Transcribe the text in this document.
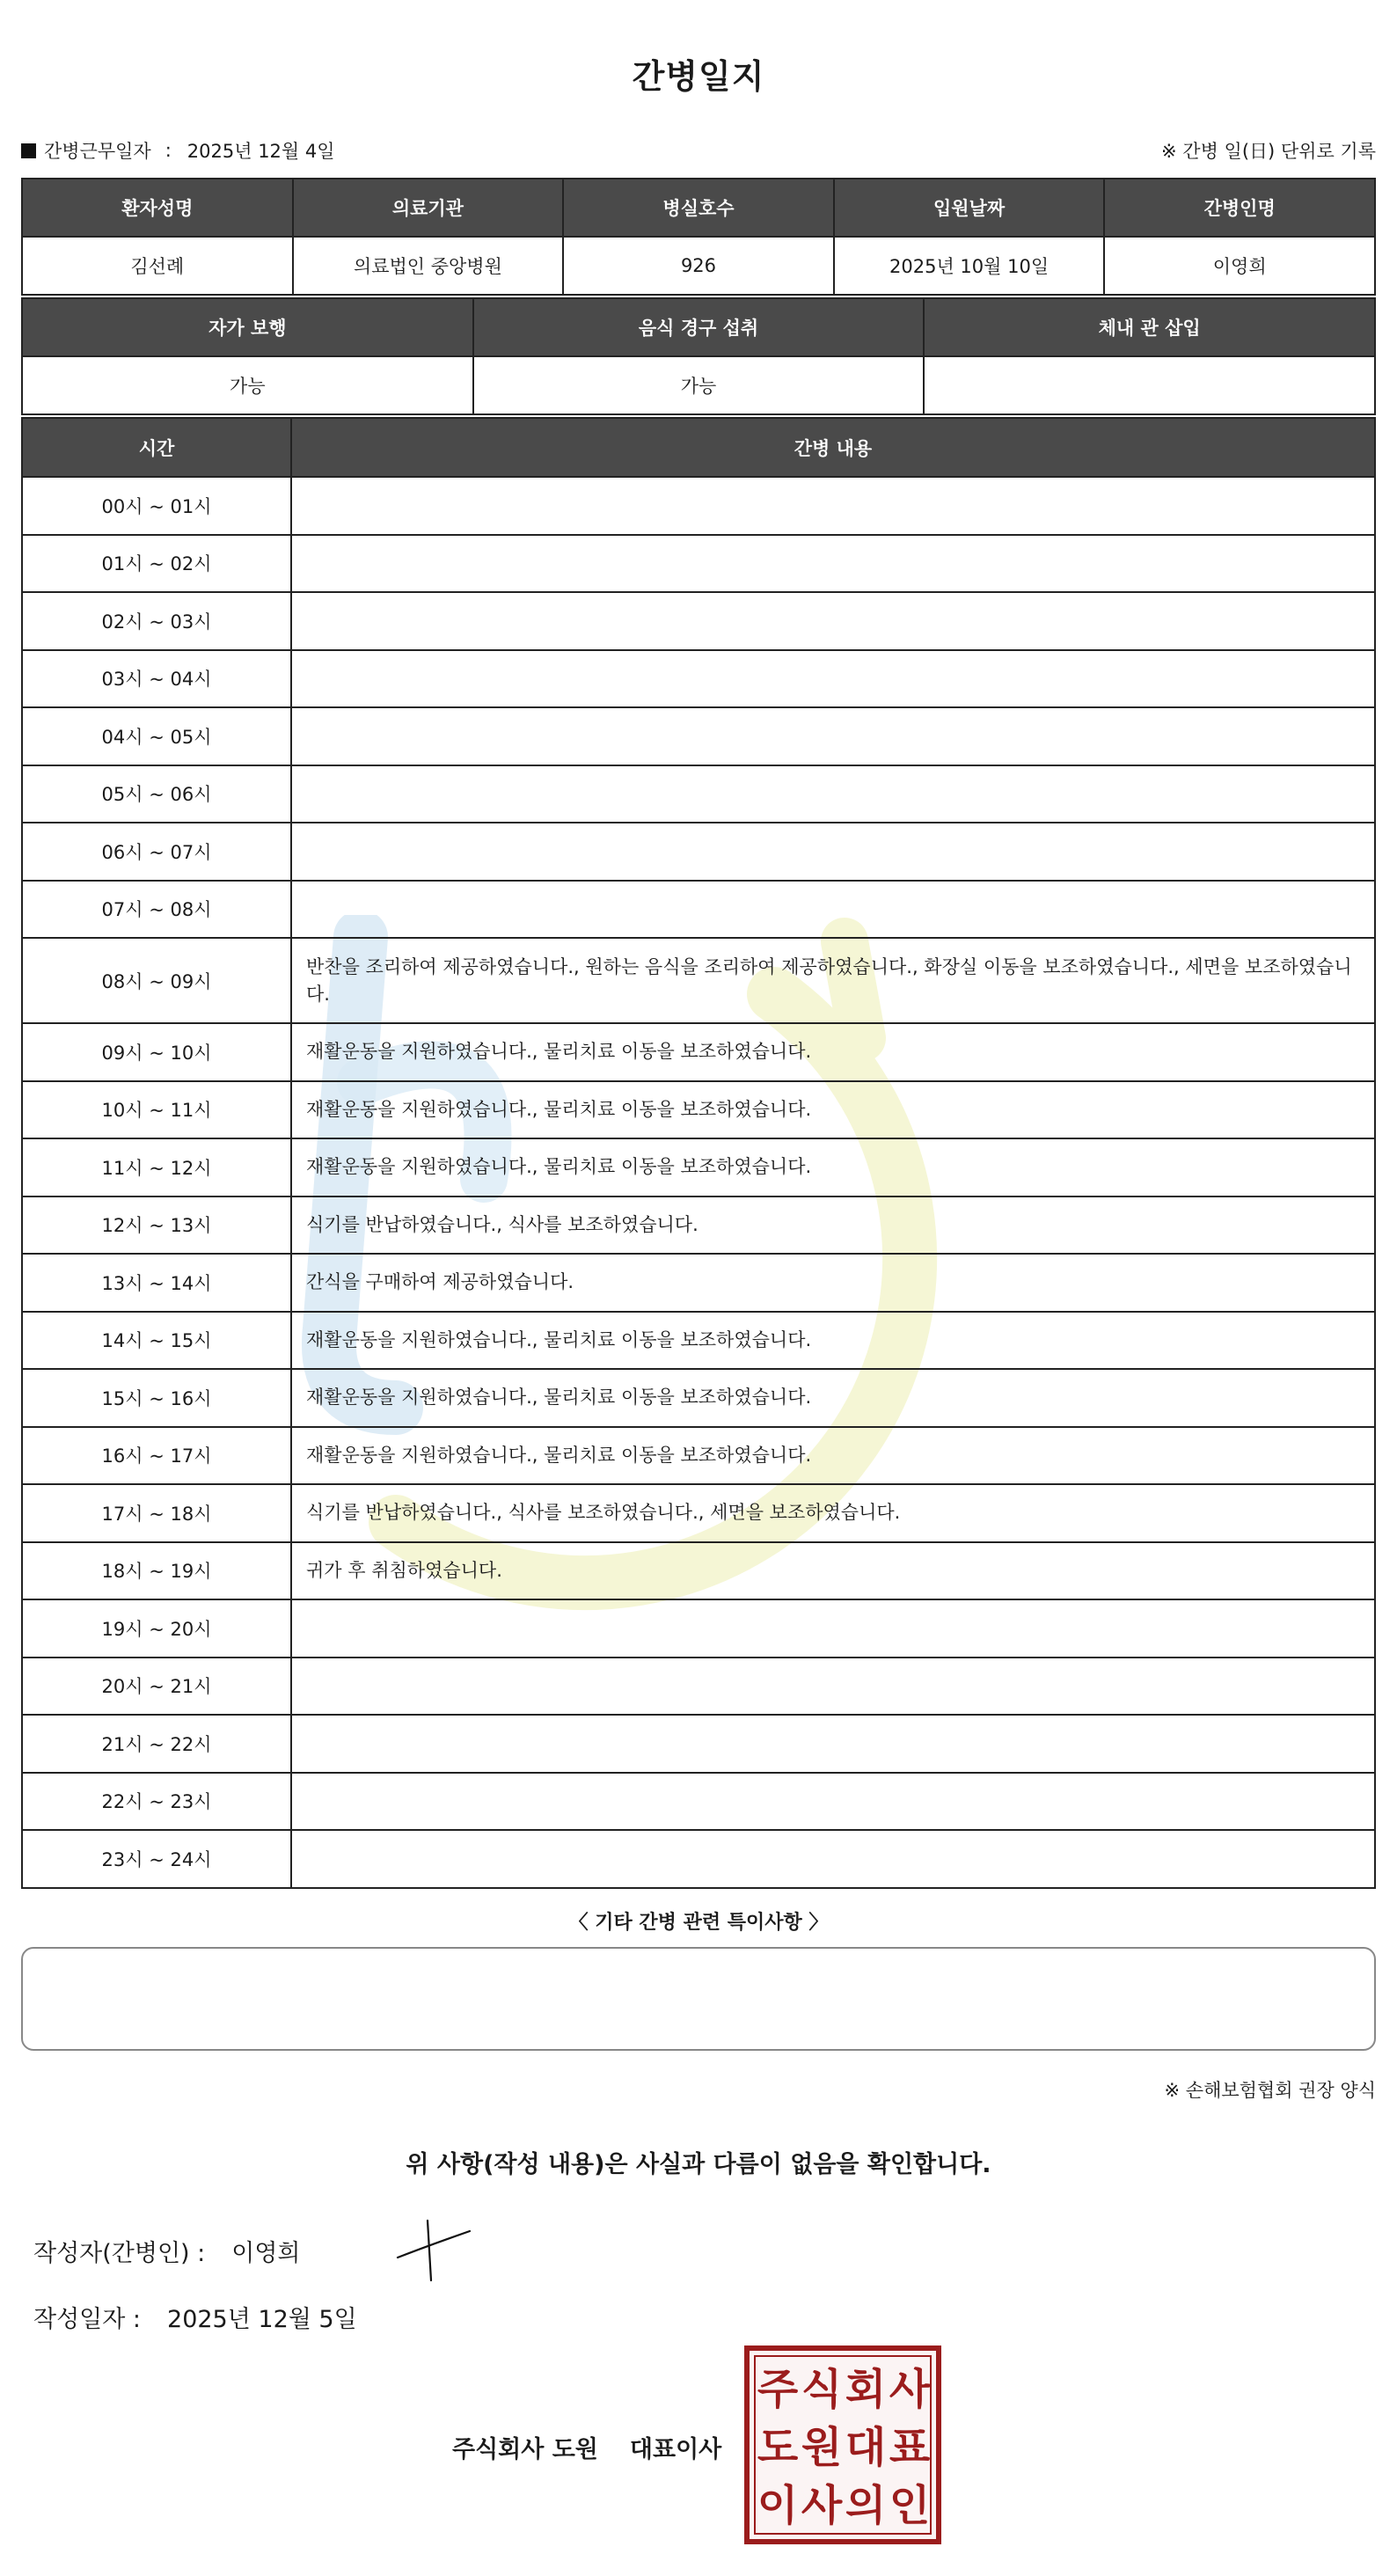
간병일지
간병근무일자 : 2025년 12월 4일	※ 간병 일(日) 단위로 기록
환자성명	의료기관	병실호수	입원날짜	간병인명
김선례	의료법인 중앙병원	926	2025년 10월 10일	이영희
자가 보행	음식 경구 섭취	체내 관 삽입
가능	가능	
시간	간병 내용
00시 ~ 01시	
01시 ~ 02시	
02시 ~ 03시	
03시 ~ 04시	
04시 ~ 05시	
05시 ~ 06시	
06시 ~ 07시	
07시 ~ 08시	
08시 ~ 09시	반찬을 조리하여 제공하였습니다., 원하는 음식을 조리하여 제공하였습니다., 화장실 이동을 보조하였습니다., 세면을 보조하였습니다.
09시 ~ 10시	재활운동을 지원하였습니다., 물리치료 이동을 보조하였습니다.
10시 ~ 11시	재활운동을 지원하였습니다., 물리치료 이동을 보조하였습니다.
11시 ~ 12시	재활운동을 지원하였습니다., 물리치료 이동을 보조하였습니다.
12시 ~ 13시	식기를 반납하였습니다., 식사를 보조하였습니다.
13시 ~ 14시	간식을 구매하여 제공하였습니다.
14시 ~ 15시	재활운동을 지원하였습니다., 물리치료 이동을 보조하였습니다.
15시 ~ 16시	재활운동을 지원하였습니다., 물리치료 이동을 보조하였습니다.
16시 ~ 17시	재활운동을 지원하였습니다., 물리치료 이동을 보조하였습니다.
17시 ~ 18시	식기를 반납하였습니다., 식사를 보조하였습니다., 세면을 보조하였습니다.
18시 ~ 19시	귀가 후 취침하였습니다.
19시 ~ 20시	
20시 ~ 21시	
21시 ~ 22시	
22시 ~ 23시	
23시 ~ 24시	
〈 기타 간병 관련 특이사항 〉
※ 손해보험협회 권장 양식
위 사항(작성 내용)은 사실과 다름이 없음을 확인합니다.
작성자(간병인) : 이영희
작성일자 : 2025년 12월 5일
주식회사 도원 대표이사
주 식 회 사
도 원 대 표
이 사 의 인
